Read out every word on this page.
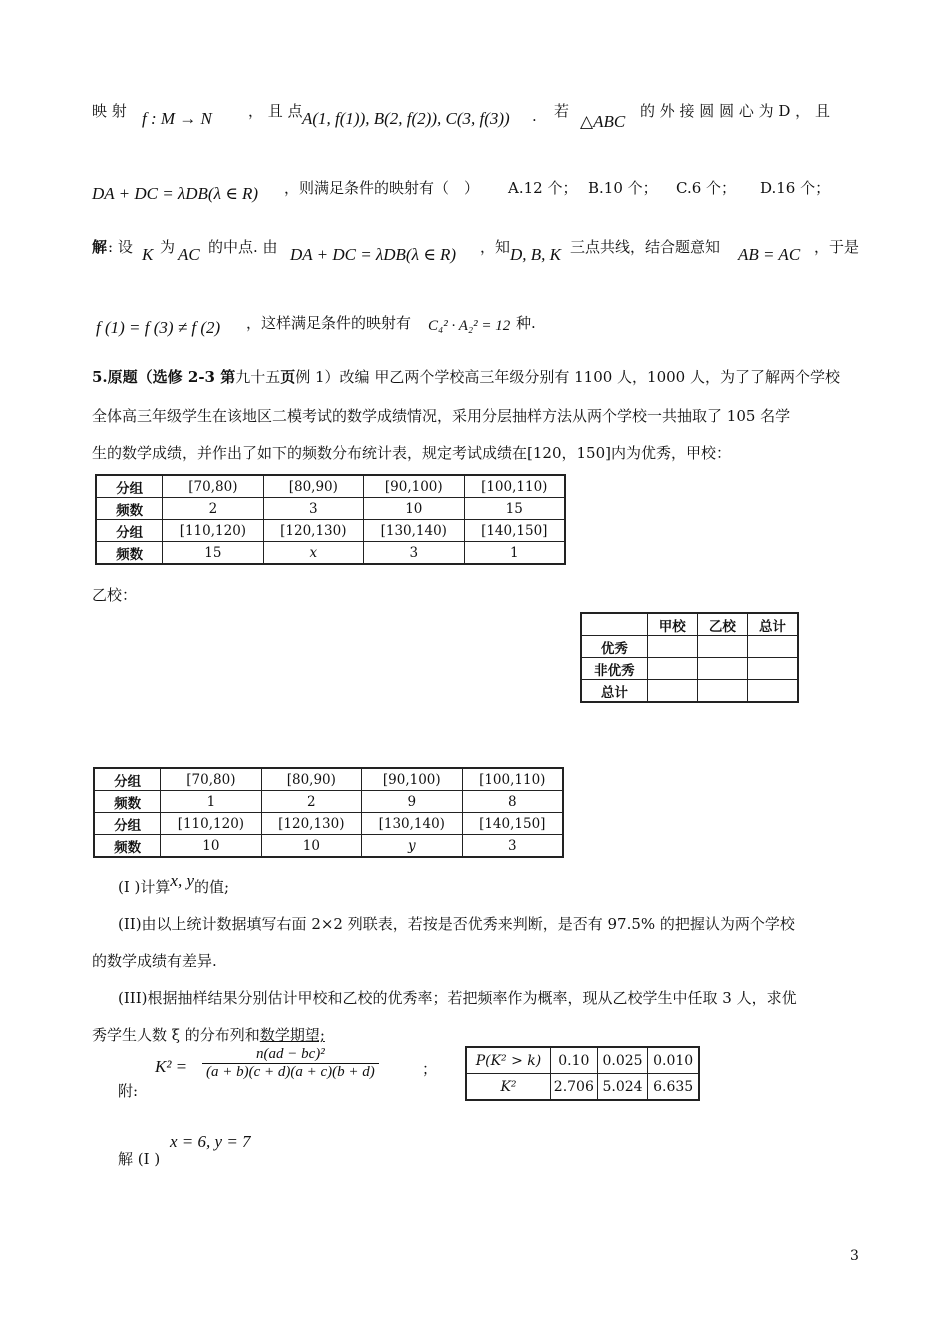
映 射 f : M → N ， 且 点 A(1, f(1)), B(2, f(2)), C(3, f(3)) . 若
△ABC
的 外 接 圆 圆 心 为 D ， 且
DA + DC = λDB(λ ∈ R) ，则满足条件的映射有（　） A.12 个； B.10 个； C.6 个； D.16 个；
解 : 设 K 为 AC 的中点. 由 DA + DC = λDB(λ ∈ R) ，知 D, B, K 三点共线，结合题意知 AB = AC ，于是
f (1) = f (3) ≠ f (2) ，这样满足条件的映射有 C₄² · A₂² = 12 种.
5.原题（选修 2-3 第九十五页例 1）改编 甲乙两个学校高三年级分别有 1100 人，1000 人，为了了解两个学校
全体高三年级学生在该地区二模考试的数学成绩情况，采用分层抽样方法从两个学校一共抽取了 105 名学
生的数学成绩，并作出了如下的频数分布统计表，规定考试成绩在[120，150]内为优秀，甲校：
分组	[70,80)	[80,90)	[90,100)	[100,110)
频数	2	3	10	15
分组	[110,120)	[120,130)	[130,140)	[140,150]
频数	15	x	3	1
乙校：
	甲校	乙校	总计
优秀			
非优秀			
总计			
分组	[70,80)	[80,90)	[90,100)	[100,110)
频数	1	2	9	8
分组	[110,120)	[120,130)	[130,140)	[140,150]
频数	10	10	y	3
(I )计算x, y的值;
(II)由以上统计数据填写右面 2×2 列联表，若按是否优秀来判断，是否有 97.5% 的把握认为两个学校
的数学成绩有差异.
(III)根据抽样结果分别估计甲校和乙校的优秀率；若把频率作为概率，现从乙校学生中任取 3 人，求优
秀学生人数 ξ 的分布列和数学期望;
附:
$K^2 = \frac{\text{n(ad − bc)²}}{(a + b)(c + d)(a + c)(b + d)}$	；	P(K² > k)	0.10	0.025	0.010
K²	2.706	5.024	6.635
解 (I )
x = 6, y = 7
3
